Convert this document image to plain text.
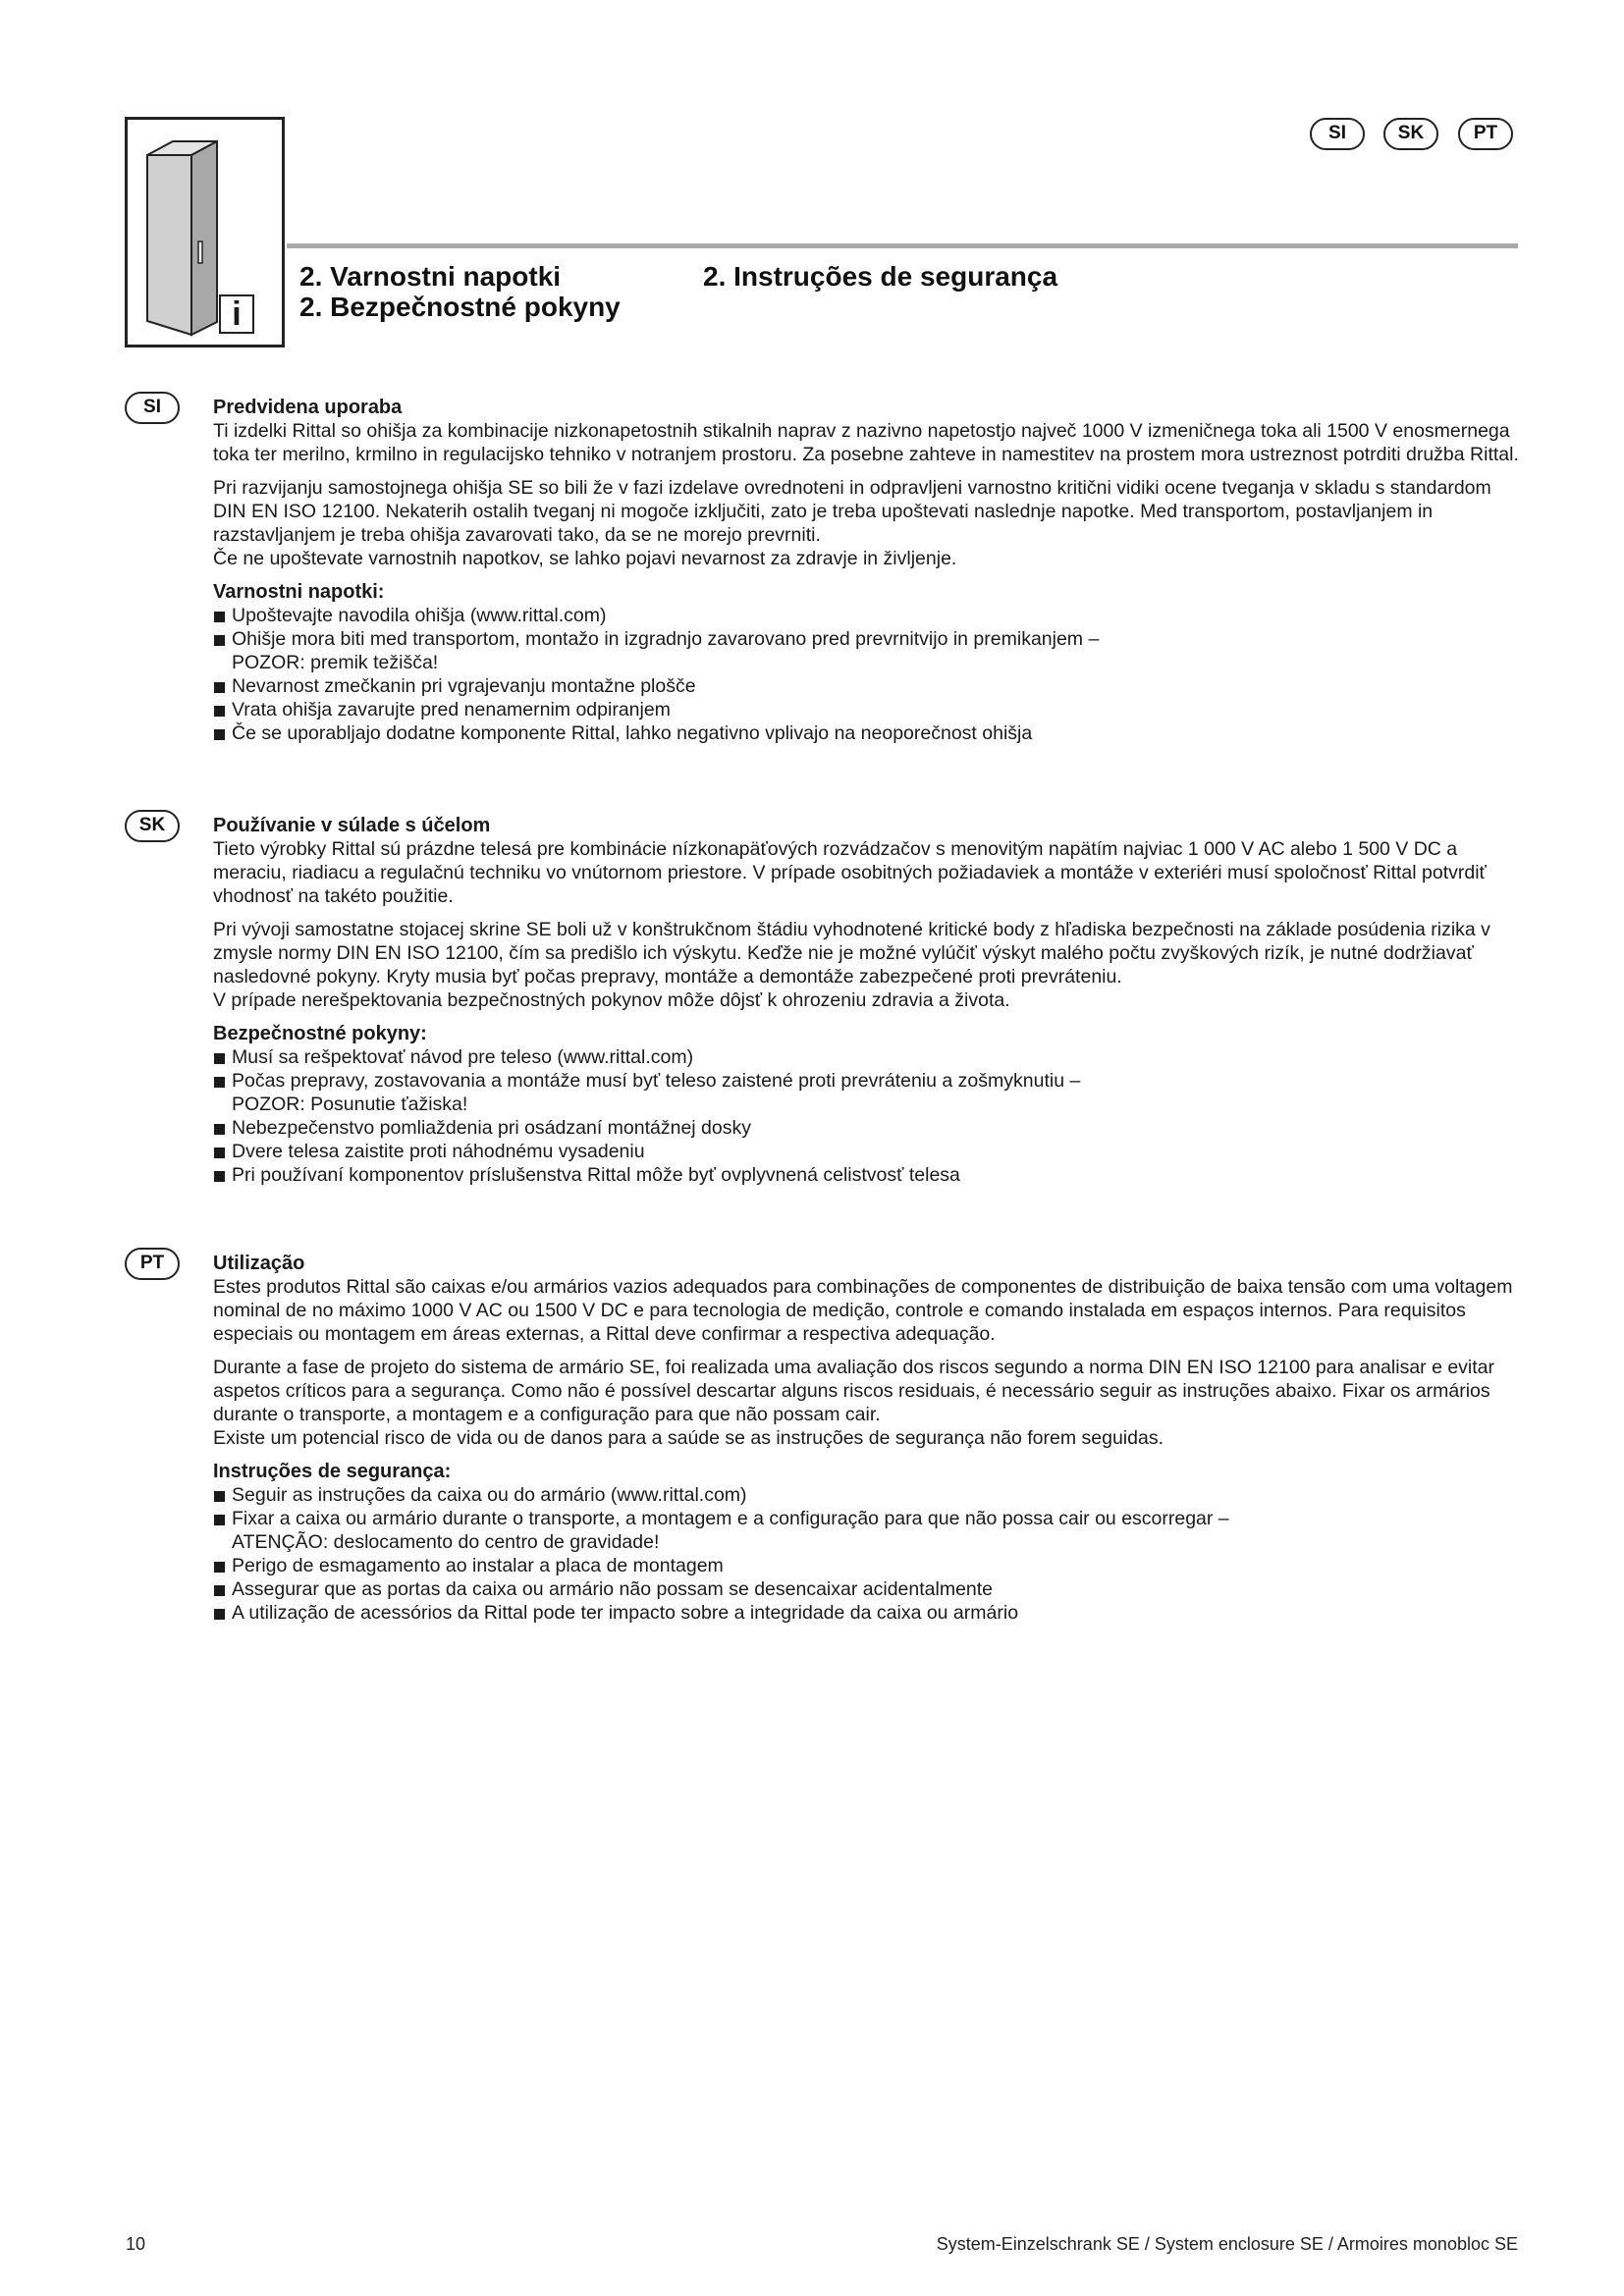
SI	SK	PT
i
2. Varnostni napotki
2. Bezpečnostné pokyny
2. Instruções de segurança
SI	Predvidena uporaba

Ti izdelki Rittal so ohišja za kombinacije nizkonapetostnih stikalnih naprav z nazivno napetostjo največ 1000 V izmeničnega toka ali 1500 V enosmernega toka ter merilno, krmilno in regulacijsko tehniko v notranjem prostoru. Za posebne zahteve in namestitev na prostem mora ustreznost potrditi družba Rittal.

Pri razvijanju samostojnega ohišja SE so bili že v fazi izdelave ovrednoteni in odpravljeni varnostno kritični vidiki ocene tveganja v skladu s standardom DIN EN ISO 12100. Nekaterih ostalih tveganj ni mogoče izključiti, zato je treba upoštevati naslednje napotke. Med transportom, postavljanjem in razstavljanjem je treba ohišja zavarovati tako, da se ne morejo prevrniti.
Če ne upoštevate varnostnih napotkov, se lahko pojavi nevarnost za zdravje in življenje.

Varnostni napotki:
Upoštevajte navodila ohišja (www.rittal.com)
Ohišje mora biti med transportom, montažo in izgradnjo zavarovano pred prevrnitvijo in premikanjem –
POZOR: premik težišča!
Nevarnost zmečkanin pri vgrajevanju montažne plošče
Vrata ohišja zavarujte pred nenamernim odpiranjem
Če se uporabljajo dodatne komponente Rittal, lahko negativno vplivajo na neoporečnost ohišja
SK	Používanie v súlade s účelom

Tieto výrobky Rittal sú prázdne telesá pre kombinácie nízkonapäťových rozvádzačov s menovitým napätím najviac 1 000 V AC alebo 1 500 V DC a meraciu, riadiacu a regulačnú techniku vo vnútornom priestore. V prípade osobitných požiadaviek a montáže v exteriéri musí spoločnosť Rittal potvrdiť vhodnosť na takéto použitie.

Pri vývoji samostatne stojacej skrine SE boli už v konštrukčnom štádiu vyhodnotené kritické body z hľadiska bezpečnosti na základe posúdenia rizika v zmysle normy DIN EN ISO 12100, čím sa predišlo ich výskytu. Keďže nie je možné vylúčiť výskyt malého počtu zvyškových rizík, je nutné dodržiavať nasledovné pokyny. Kryty musia byť počas prepravy, montáže a demontáže zabezpečené proti prevráteniu.
V prípade nerešpektovania bezpečnostných pokynov môže dôjsť k ohrozeniu zdravia a života.

Bezpečnostné pokyny:
Musí sa rešpektovať návod pre teleso (www.rittal.com)
Počas prepravy, zostavovania a montáže musí byť teleso zaistené proti prevráteniu a zošmyknutiu –
POZOR: Posunutie ťažiska!
Nebezpečenstvo pomliaždenia pri osádzaní montážnej dosky
Dvere telesa zaistite proti náhodnému vysadeniu
Pri používaní komponentov príslušenstva Rittal môže byť ovplyvnená celistvosť telesa
PT	Utilização

Estes produtos Rittal são caixas e/ou armários vazios adequados para combinações de componentes de distribuição de baixa tensão com uma voltagem nominal de no máximo 1000 V AC ou 1500 V DC e para tecnologia de medição, controle e comando instalada em espaços internos. Para requisitos especiais ou montagem em áreas externas, a Rittal deve confirmar a respectiva adequação.

Durante a fase de projeto do sistema de armário SE, foi realizada uma avaliação dos riscos segundo a norma DIN EN ISO 12100 para analisar e evitar aspetos críticos para a segurança. Como não é possível descartar alguns riscos residuais, é necessário seguir as instruções abaixo. Fixar os armários durante o transporte, a montagem e a configuração para que não possam cair.
Existe um potencial risco de vida ou de danos para a saúde se as instruções de segurança não forem seguidas.

Instruções de segurança:
Seguir as instruções da caixa ou do armário (www.rittal.com)
Fixar a caixa ou armário durante o transporte, a montagem e a configuração para que não possa cair ou escorregar –
ATENÇÃO: deslocamento do centro de gravidade!
Perigo de esmagamento ao instalar a placa de montagem
Assegurar que as portas da caixa ou armário não possam se desencaixar acidentalmente
A utilização de acessórios da Rittal pode ter impacto sobre a integridade da caixa ou armário
10	System-Einzelschrank SE / System enclosure SE / Armoires monobloc SE
